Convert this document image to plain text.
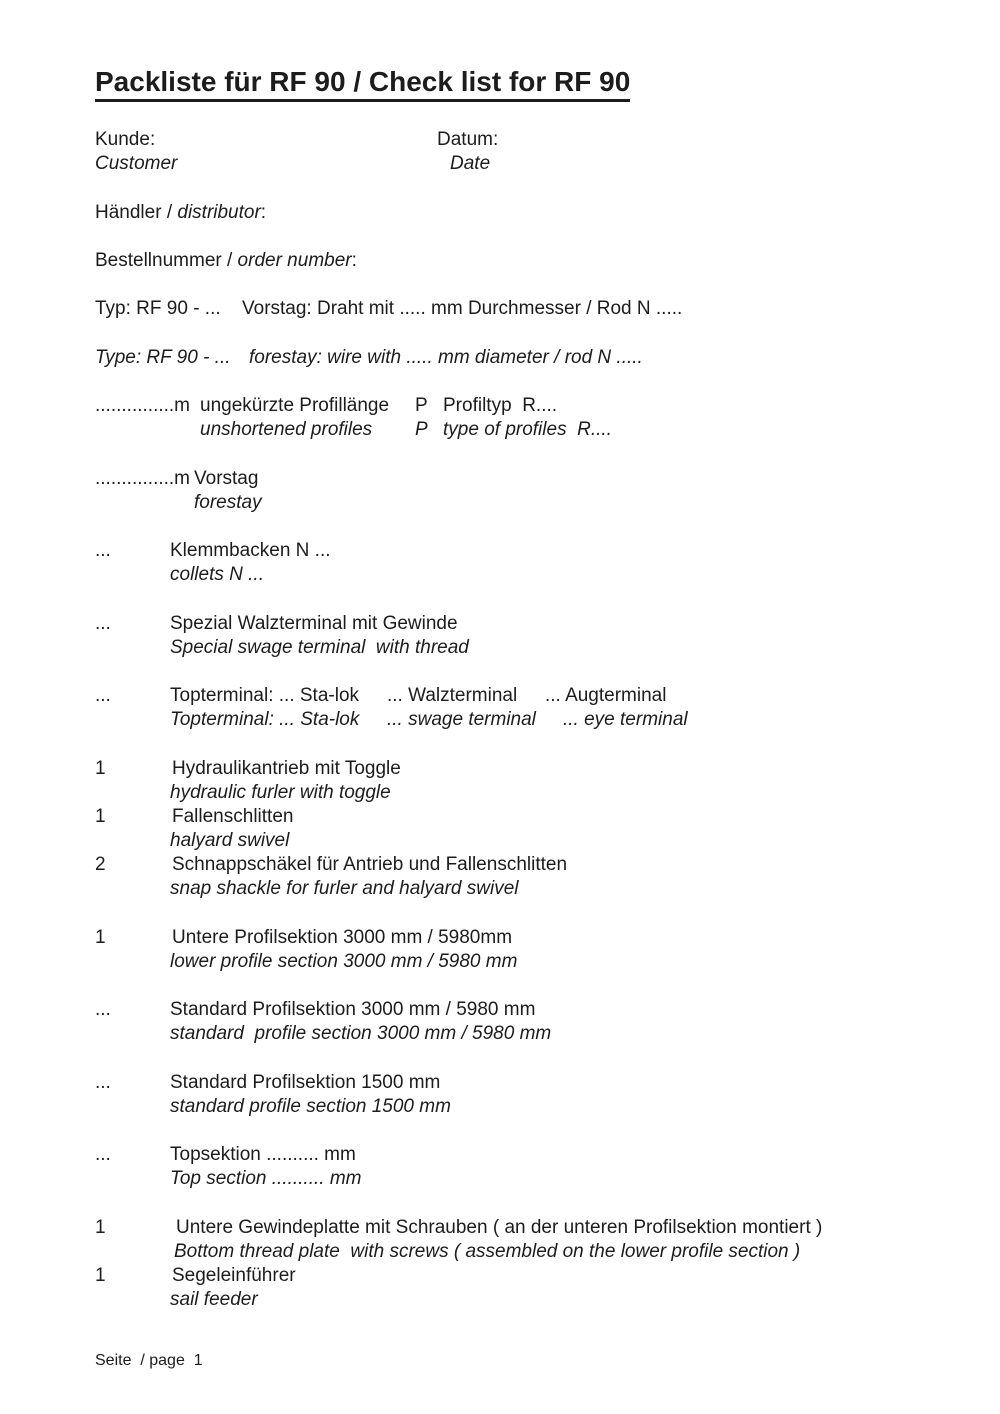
Packliste für RF 90 / Check list for RF 90
Kunde:
Customer
Datum:
Date
Händler / distributor:
Bestellnummer / order number:
Typ: RF 90 - ... Vorstag: Draht mit ..... mm Durchmesser / Rod N .....
Type: RF 90 - ... forestay: wire with ..... mm diameter / rod N .....
...............m ungekürzte Profillänge P Profiltyp  R....
unshortened profiles P type of profiles  R....
...............m Vorstag
forestay
...	Klemmbacken N ...
collets N ...
...	Spezial Walzterminal mit Gewinde
Special swage terminal  with thread
...	Topterminal: ... Sta-lok ... Walzterminal ... Augterminal
Topterminal: ... Sta-lok ... swage terminal ... eye terminal
1	Hydraulikantrieb mit Toggle
hydraulic furler with toggle
1	Fallenschlitten
halyard swivel
2	Schnappschäkel für Antrieb und Fallenschlitten
snap shackle for furler and halyard swivel
1	Untere Profilsektion 3000 mm / 5980mm
lower profile section 3000 mm / 5980 mm
...	Standard Profilsektion 3000 mm / 5980 mm
standard  profile section 3000 mm / 5980 mm
...	Standard Profilsektion 1500 mm
standard profile section 1500 mm
...	Topsektion .......... mm
Top section .......... mm
1	Untere Gewindeplatte mit Schrauben ( an der unteren Profilsektion montiert )
Bottom thread plate  with screws ( assembled on the lower profile section )
1	Segeleinführer
sail feeder
Seite  / page  1
